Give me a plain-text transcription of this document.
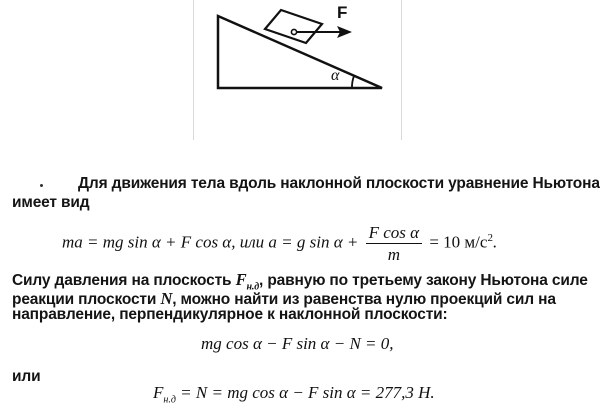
F
α
Для движения тела вдоль наклонной плоскости уравнение Ньютона
имеет вид
ma = mg sin α + F cos α, или a = g $\sin \alpha + \frac{\text{F cos α}}{m} = 10$ $м/с^2$.
Силу давления на плоскость $F_{н.д}$, равную по третьему закону Ньютона силе
реакции плоскости N, можно найти из равенства нулю проекций сил на
направление, перпендикулярное к наклонной плоскости:
mg cos α − F sin α − N = 0,
или
$F_{н.д} = N$ = mg cos α − F sin α = 277,3 Н.
